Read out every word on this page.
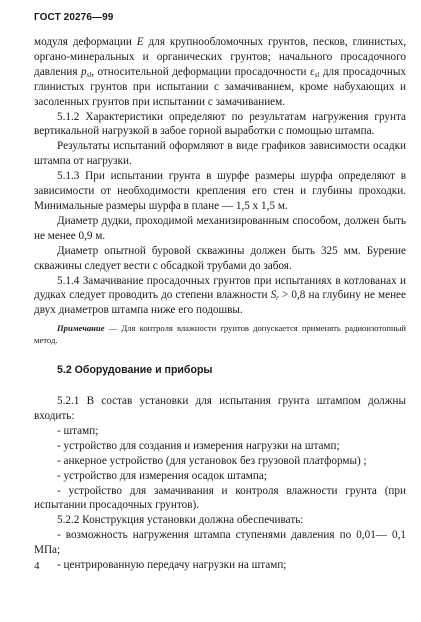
ГОСТ 20276—99

модуля деформации E для крупнообломочных грунтов, песков, глинистых, органо-минеральных и органических грунтов; начального просадочного давления $p_{sl}$, относительной деформации просадочности $\varepsilon_{sl}$ для просадочных глинистых грунтов при испытании с замачиванием, кроме набухающих и засоленных грунтов при испытании с замачиванием.

5.1.2 Характеристики определяют по результатам нагружения грунта вертикальной нагрузкой в забое горной выработки с помощью штампа.

Результаты испытаний оформляют в виде графиков зависимости осадки штампа от нагрузки.

5.1.3 При испытании грунта в шурфе размеры шурфа определяют в зависимости от необходимости крепления его стен и глубины проходки. Минимальные размеры шурфа в плане — 1,5 х 1,5 м.

Диаметр дудки, проходимой механизированным способом, должен быть не менее 0,9 м.

Диаметр опытной буровой скважины должен быть 325 мм. Бурение скважины следует вести с обсадкой трубами до забоя.

5.1.4 Замачивание просадочных грунтов при испытаниях в котлованах и дудках следует проводить до степени влажности $S_r > 0,8$ на глубину не менее двух диаметров штампа ниже его подошвы.

Примечание — Для контроля влажности грунтов допускается применять радиоизотопный метод.

5.2 Оборудование и приборы

5.2.1 В состав установки для испытания грунта штампом должны входить:

- штамп;

- устройство для создания и измерения нагрузки на штамп;

- анкерное устройство (для установок без грузовой платформы) ;

- устройство для измерения осадок штампа;

- устройство для замачивания и контроля влажности грунта (при испытании просадочных грунтов).

5.2.2 Конструкция установки должна обеспечивать:

- возможность нагружения штампа ступенями давления по 0,01— 0,1 МПа;

- центрированную передачу нагрузки на штамп;

4
